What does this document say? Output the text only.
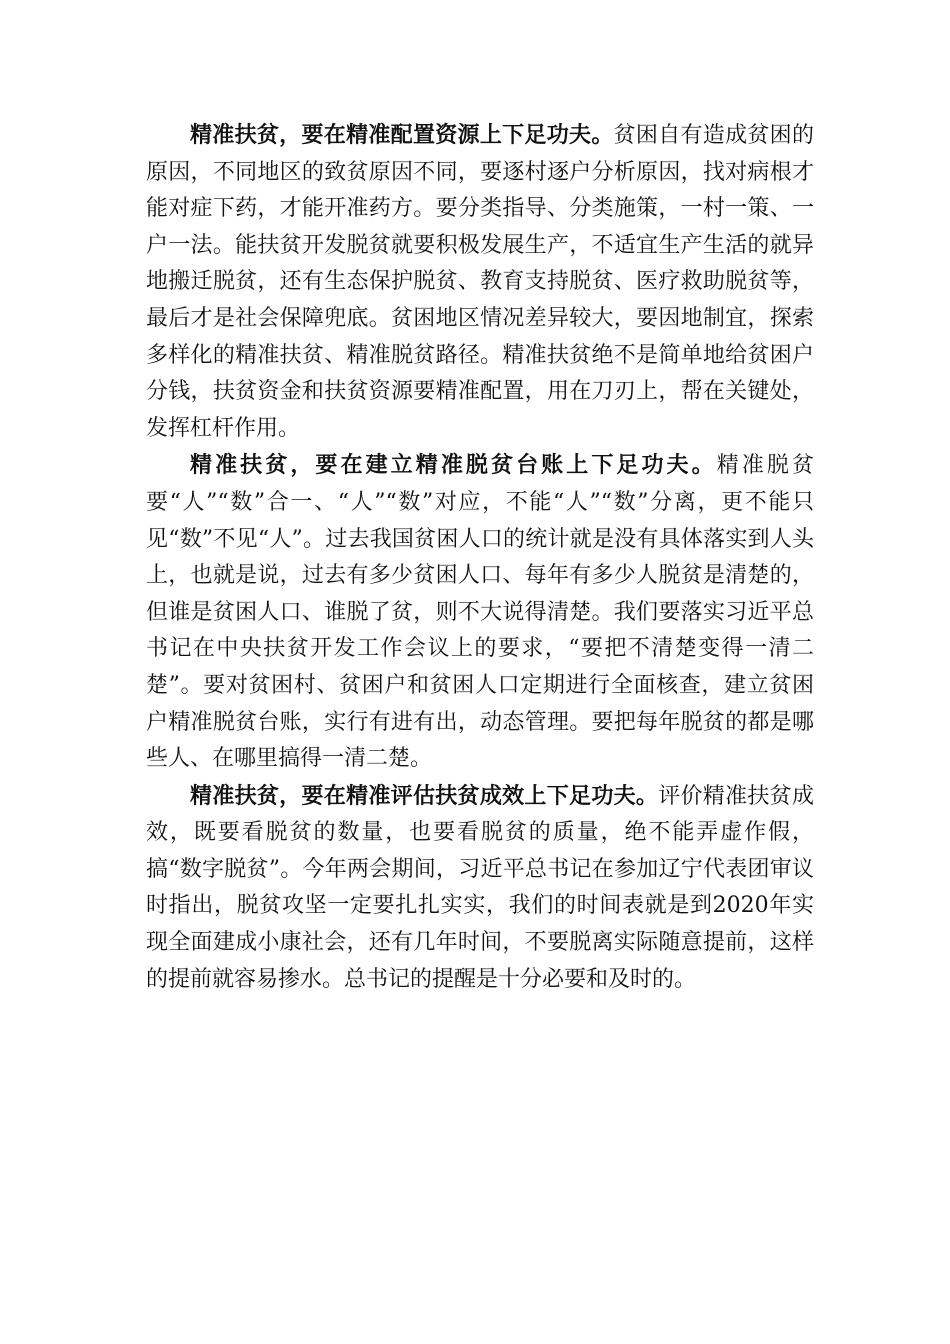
精准扶贫，要在精准配置资源上下足功夫。贫困自有造成贫困的原因，不同地区的致贫原因不同，要逐村逐户分析原因，找对病根才能对症下药，才能开准药方。要分类指导、分类施策，一村一策、一户一法。能扶贫开发脱贫就要积极发展生产，不适宜生产生活的就异地搬迁脱贫，还有生态保护脱贫、教育支持脱贫、医疗救助脱贫等，最后才是社会保障兜底。贫困地区情况差异较大，要因地制宜，探索多样化的精准扶贫、精准脱贫路径。精准扶贫绝不是简单地给贫困户分钱，扶贫资金和扶贫资源要精准配置，用在刀刃上，帮在关键处，发挥杠杆作用。

精准扶贫，要在建立精准脱贫台账上下足功夫。精准脱贫要“人”“数”合一、“人”“数”对应，不能“人”“数”分离，更不能只见“数”不见“人”。过去我国贫困人口的统计就是没有具体落实到人头上，也就是说，过去有多少贫困人口、每年有多少人脱贫是清楚的，但谁是贫困人口、谁脱了贫，则不大说得清楚。我们要落实习近平总书记在中央扶贫开发工作会议上的要求，“要把不清楚变得一清二楚”。要对贫困村、贫困户和贫困人口定期进行全面核查，建立贫困户精准脱贫台账，实行有进有出，动态管理。要把每年脱贫的都是哪些人、在哪里搞得一清二楚。

精准扶贫，要在精准评估扶贫成效上下足功夫。评价精准扶贫成效，既要看脱贫的数量，也要看脱贫的质量，绝不能弄虚作假，搞“数字脱贫”。今年两会期间，习近平总书记在参加辽宁代表团审议时指出，脱贫攻坚一定要扎扎实实，我们的时间表就是到2020年实现全面建成小康社会，还有几年时间，不要脱离实际随意提前，这样的提前就容易掺水。总书记的提醒是十分必要和及时的。
